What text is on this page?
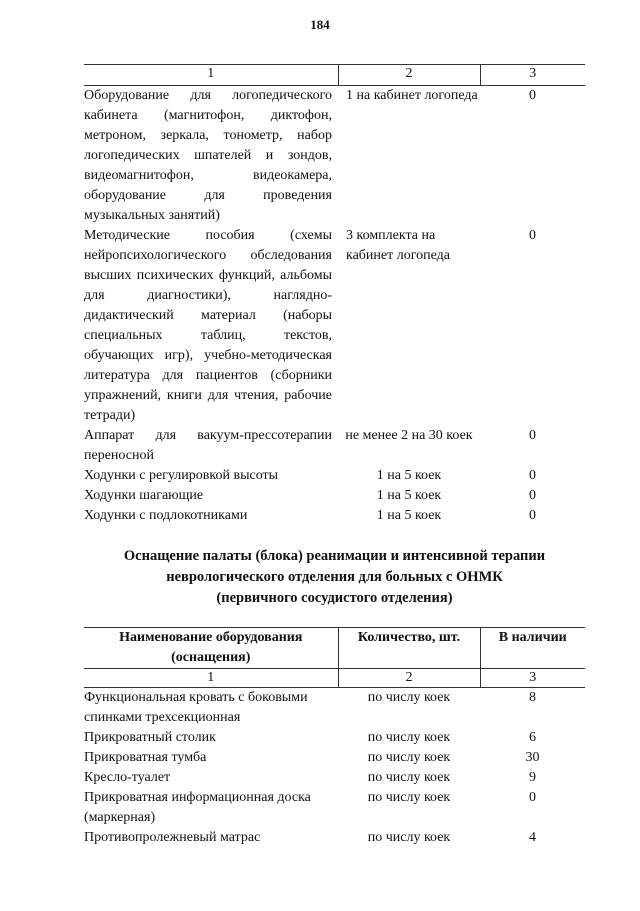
184
1	2	3
Оборудование для логопедического кабинета (магнитофон, диктофон, метроном, зеркала, тонометр, набор логопедических шпателей и зондов, видеомагнитофон, видеокамера, оборудование для проведения музыкальных занятий)	1 на кабинет логопеда	0
Методические пособия (схемы нейропсихологического обследования высших психических функций, альбомы для диагностики), наглядно-дидактический материал (наборы специальных таблиц, текстов, обучающих игр), учебно-методическая литература для пациентов (сборники упражнений, книги для чтения, рабочие тетради)	3 комплекта на кабинет логопеда	0
Аппарат для вакуум-прессотерапии переносной	не менее 2 на 30 коек	0
Ходунки с регулировкой высоты	1 на 5 коек	0
Ходунки шагающие	1 на 5 коек	0
Ходунки с подлокотниками	1 на 5 коек	0
Оснащение палаты (блока) реанимации и интенсивной терапии
неврологического отделения для больных с ОНМК
(первичного сосудистого отделения)
Наименование оборудования (оснащения)	Количество, шт.	В наличии
1	2	3
Функциональная кровать с боковыми спинками трехсекционная	по числу коек	8
Прикроватный столик	по числу коек	6
Прикроватная тумба	по числу коек	30
Кресло-туалет	по числу коек	9
Прикроватная информационная доска (маркерная)	по числу коек	0
Противопролежневый матрас	по числу коек	4
